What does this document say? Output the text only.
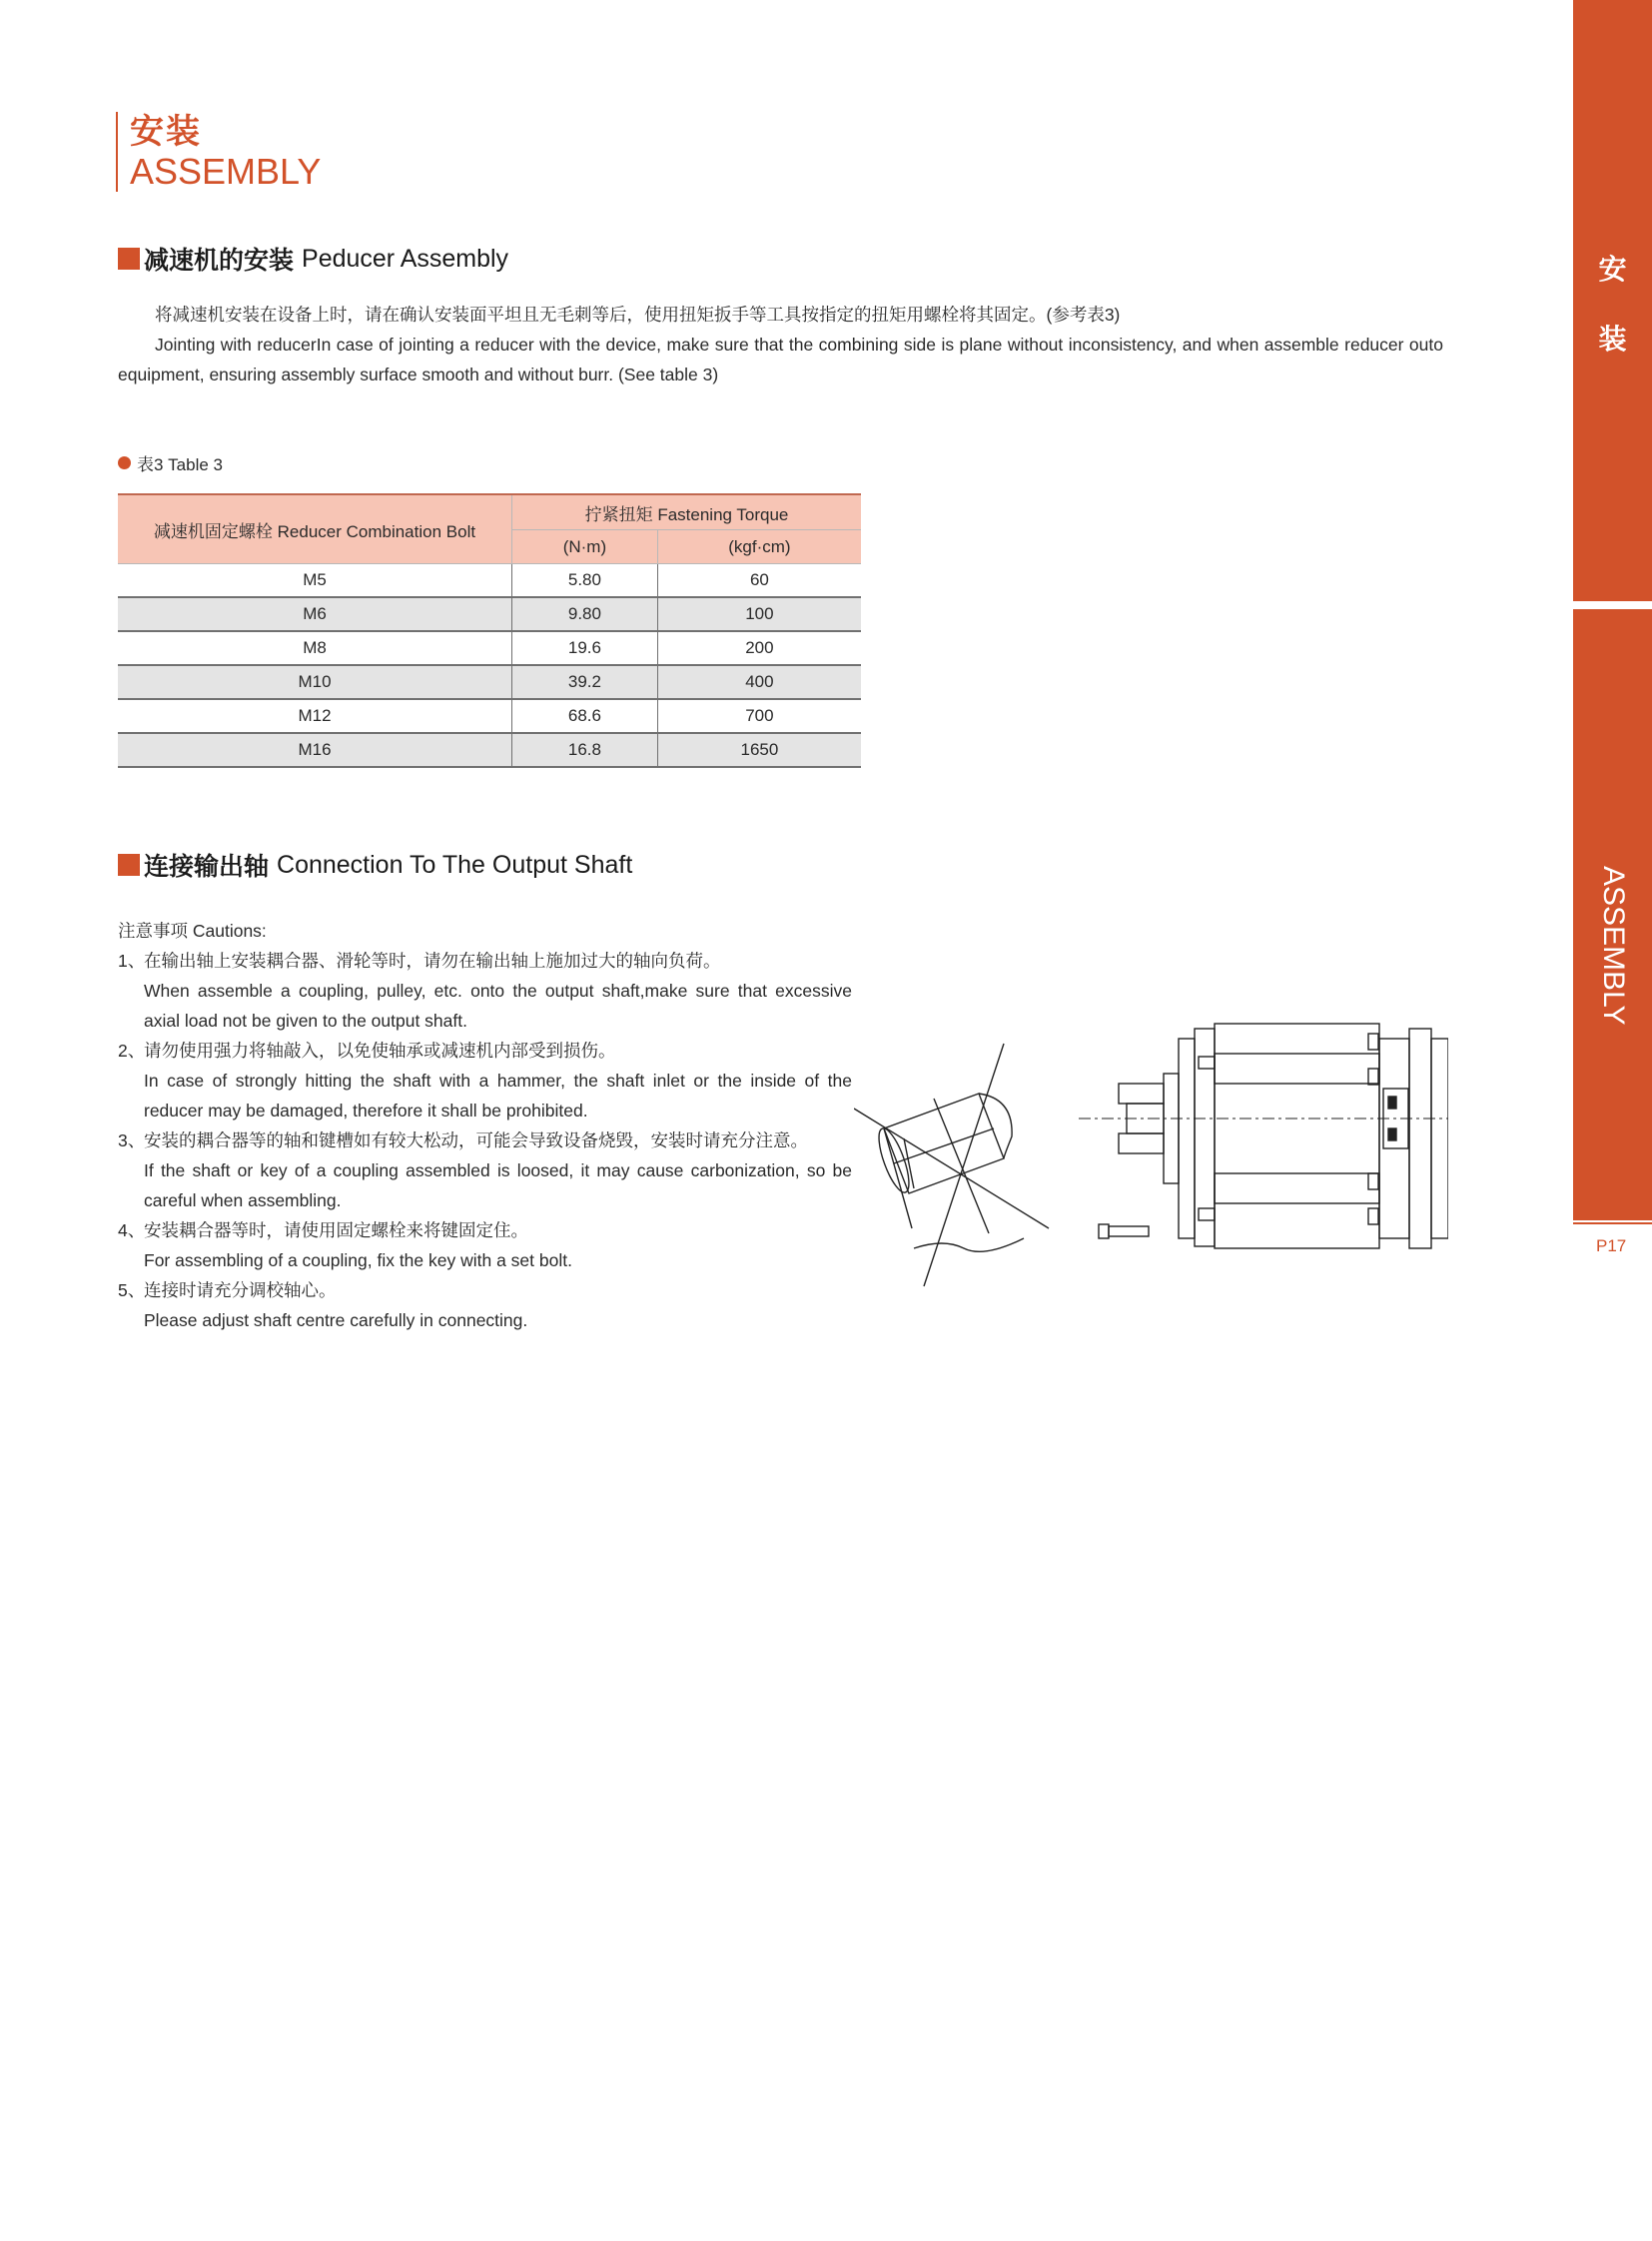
安装
ASSEMBLY
减速机的安装 Peducer Assembly
将减速机安装在设备上时，请在确认安装面平坦且无毛刺等后，使用扭矩扳手等工具按指定的扭矩用螺栓将其固定。(参考表3)
Jointing with reducerIn case of jointing a reducer with the device, make sure that the combining side is plane without inconsistency, and when assemble reducer outo equipment, ensuring assembly surface smooth and without burr. (See table 3)
表3 Table 3
减速机固定螺栓 Reducer Combination Bolt	拧紧扭矩 Fastening Torque	
	(N·m)	(kgf·cm)
M5	5.80	60
M6	9.80	100
M8	19.6	200
M10	39.2	400
M12	68.6	700
M16	16.8	1650
连接输出轴 Connection To The Output Shaft
注意事项 Cautions:
1、
在输出轴上安装耦合器、滑轮等时，请勿在输出轴上施加过大的轴向负荷。
When assemble a coupling, pulley, etc. onto the output shaft,make sure that excessive axial load not be given to the output shaft.
2、
请勿使用强力将轴敲入，以免使轴承或减速机内部受到损伤。
In case of strongly hitting the shaft with a hammer, the shaft inlet or the inside of the reducer may be damaged, therefore it shall be prohibited.
3、
安装的耦合器等的轴和键槽如有较大松动，可能会导致设备烧毁，安装时请充分注意。
If the shaft or key of a coupling assembled is loosed, it may cause carbonization, so be careful when assembling.
4、
安装耦合器等时，请使用固定螺栓来将键固定住。
For assembling of a coupling, fix the key with a set bolt.
5、
连接时请充分调校轴心。
Please adjust shaft centre carefully in connecting.
安
装
ASSEMBLY
P17
